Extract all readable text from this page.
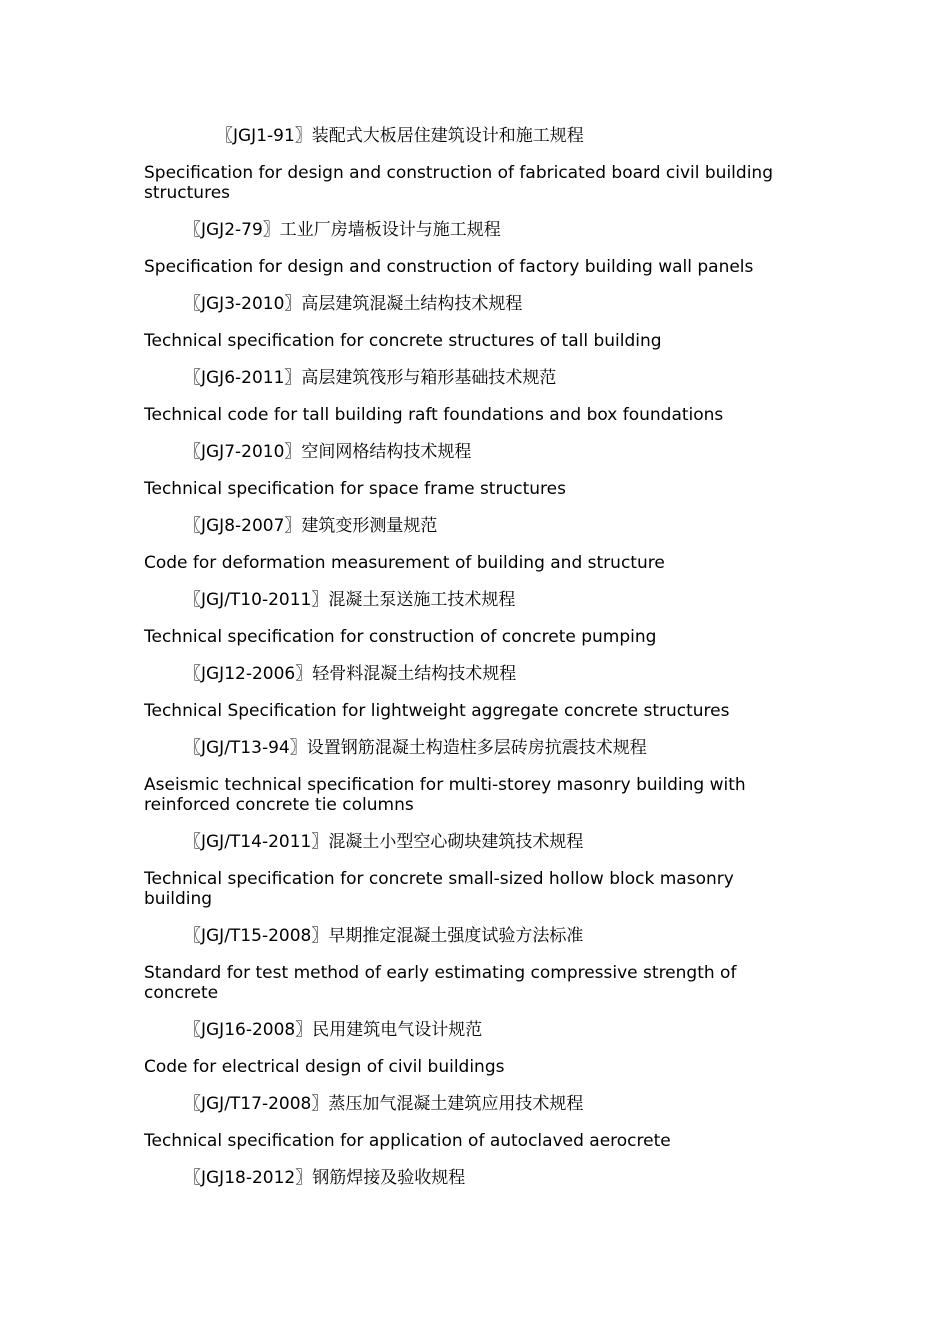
〖JGJ1-91〗装配式大板居住建筑设计和施工规程

Specification for design and construction of fabricated board civil building structures

〖JGJ2-79〗工业厂房墙板设计与施工规程

Specification for design and construction of factory building wall panels

〖JGJ3-2010〗高层建筑混凝土结构技术规程

Technical specification for concrete structures of tall building

〖JGJ6-2011〗高层建筑筏形与箱形基础技术规范

Technical code for tall building raft foundations and box foundations

〖JGJ7-2010〗空间网格结构技术规程

Technical specification for space frame structures

〖JGJ8-2007〗建筑变形测量规范

Code for deformation measurement of building and structure

〖JGJ/T10-2011〗混凝土泵送施工技术规程

Technical specification for construction of concrete pumping

〖JGJ12-2006〗轻骨料混凝土结构技术规程

Technical Specification for lightweight aggregate concrete structures

〖JGJ/T13-94〗设置钢筋混凝土构造柱多层砖房抗震技术规程

Aseismic technical specification for multi-storey masonry building with reinforced concrete tie columns

〖JGJ/T14-2011〗混凝土小型空心砌块建筑技术规程

Technical specification for concrete small-sized hollow block masonry building

〖JGJ/T15-2008〗早期推定混凝土强度试验方法标准

Standard for test method of early estimating compressive strength of concrete

〖JGJ16-2008〗民用建筑电气设计规范

Code for electrical design of civil buildings

〖JGJ/T17-2008〗蒸压加气混凝土建筑应用技术规程

Technical specification for application of autoclaved aerocrete

〖JGJ18-2012〗钢筋焊接及验收规程
